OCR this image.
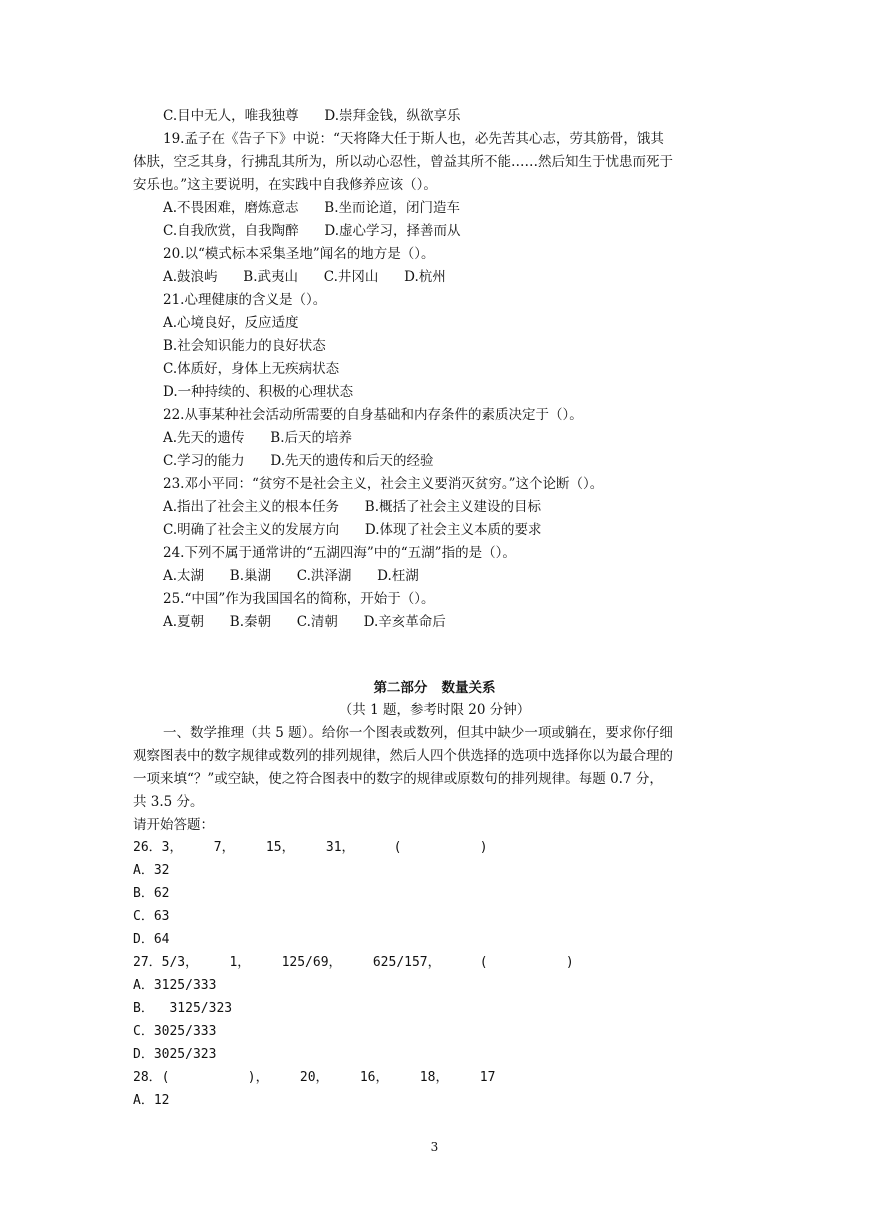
C.目中无人，唯我独尊      D.崇拜金钱，纵欲享乐
19.孟子在《告子下》中说：“天将降大任于斯人也，必先苦其心志，劳其筋骨，饿其
体肤，空乏其身，行拂乱其所为，所以动心忍性，曾益其所不能……然后知生于忧患而死于
安乐也。”这主要说明，在实践中自我修养应该（）。
A.不畏困难，磨炼意志      B.坐而论道，闭门造车
C.自我欣赏，自我陶醉      D.虚心学习，择善而从
20.以“模式标本采集圣地”闻名的地方是（）。
A.鼓浪屿      B.武夷山      C.井冈山      D.杭州
21.心理健康的含义是（）。
A.心境良好，反应适度
B.社会知识能力的良好状态
C.体质好，身体上无疾病状态
D.一种持续的、积极的心理状态
22.从事某种社会活动所需要的自身基础和内存条件的素质决定于（）。
A.先天的遗传      B.后天的培养
C.学习的能力      D.先天的遗传和后天的经验
23.邓小平同：“贫穷不是社会主义，社会主义要消灭贫穷。”这个论断（）。
A.指出了社会主义的根本任务      B.概括了社会主义建设的目标
C.明确了社会主义的发展方向      D.体现了社会主义本质的要求
24.下列不属于通常讲的“五湖四海”中的“五湖”指的是（）。
A.太湖      B.巢湖      C.洪泽湖      D.枉湖
25.“中国”作为我国国名的简称，开始于（）。
A.夏朝      B.秦朝      C.清朝      D.辛亥革命后
第二部分   数量关系
（共 1 题，参考时限 20 分钟）
一、数学推理（共 5 题）。给你一个图表或数列，但其中缺少一项或躺在，要求你仔细
观察图表中的数字规律或数列的排列规律，然后人四个供选择的选项中选择你以为最合理的
一项来填“？”或空缺，使之符合图表中的数字的规律或原数句的排列规律。每题 0.7 分，
共 3.5 分。
请开始答题：
26．3，    7，    15，    31，     (          )
A．32
B．62
C．63
D．64
27．5/3，    1，    125/69，    625/157，     (          )
A．3125/333
B．  3125/323
C．3025/333
D．3025/323
28．(          )，    20，    16，    18，    17
A．12
3
